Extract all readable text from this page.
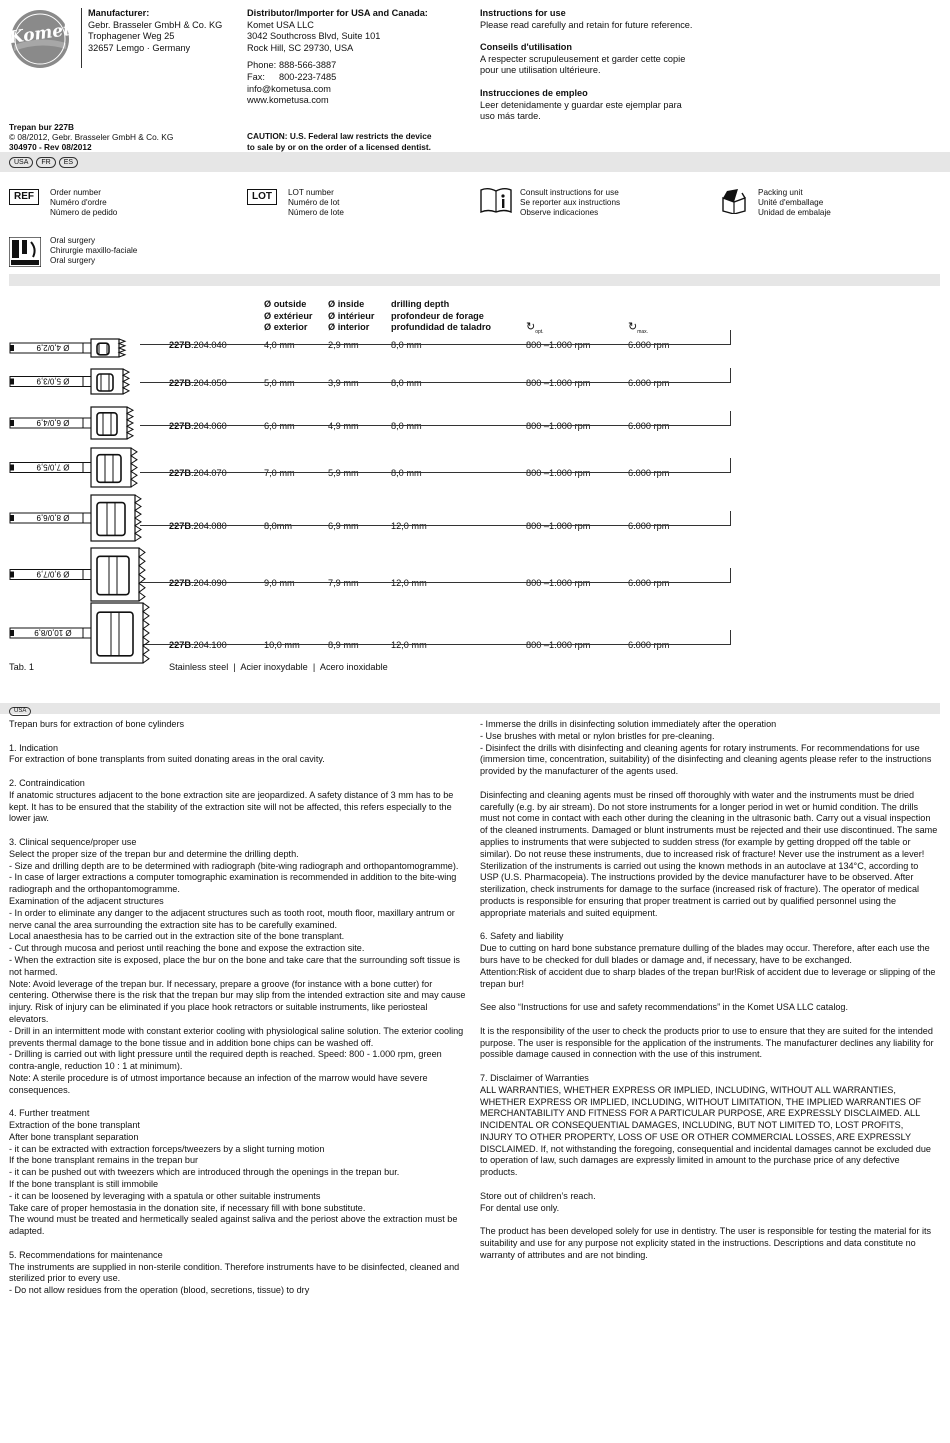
Komet
Manufacturer:
Gebr. Brasseler GmbH & Co. KG
Trophagener Weg 25
32657 Lemgo · Germany
Distributor/Importer for USA and Canada:
Komet USA LLC
3042 Southcross Blvd, Suite 101
Rock Hill, SC 29730, USA
Phone: 888-566-3887
Fax: 800-223-7485
info@kometusa.com
www.kometusa.com
CAUTION: U.S. Federal law restricts the device
to sale by or on the order of a licensed dentist.
Instructions for use
Please read carefully and retain for future reference.
Conseils d'utilisation
A respecter scrupuleusement et garder cette copie
pour une utilisation ultérieure.
Instrucciones de empleo
Leer detenidamente y guardar este ejemplar para
uso más tarde.
Trepan bur 227B
© 08/2012, Gebr. Brasseler GmbH & Co. KG
304970 - Rev 08/2012
USA FR ES
REF	Order number
Numéro d'ordre
Número de pedido
LOT	LOT number
Numéro de lot
Número de lote
Consult instructions for use
Se reporter aux instructions
Observe indicaciones
Packing unit
Unité d'emballage
Unidad de embalaje
Oral surgery
Chirurgie maxillo-faciale
Oral surgery
Ø outside
Ø extérieur
Ø exterior
Ø inside
Ø intérieur
Ø interior
drilling depth
profondeur de forage
profundidad de taladro	$↻_{opt.}$	$↻_{max.}$
227B.204.040	4,0 mm	2,9 mm	8,0 mm	800 –1.000 rpm	6.000 rpm
227B.204.050	5,0 mm	3,9 mm	8,0 mm	800 –1.000 rpm	6.000 rpm
227B.204.060	6,0 mm	4,9 mm	8,0 mm	800 –1.000 rpm	6.000 rpm
227B.204.070	7,0 mm	5,9 mm	8,0 mm	800 –1.000 rpm	6.000 rpm
227B.204.080	8,0mm	6,9 mm	12,0 mm	800 –1.000 rpm	6.000 rpm
227B.204.090	9,0 mm	7,9 mm	12,0 mm	800 –1.000 rpm	6.000 rpm
227B.204.100	10,0 mm	8,9 mm	12,0 mm	800 –1.000 rpm	6.000 rpm
Tab. 1	Stainless steel  |  Acier inoxydable  |  Acero inoxidable
USA

Trepan burs for extraction of bone cylinders

1. Indication
For extraction of bone transplants from suited donating areas in the oral cavity.

2. Contraindication
If anatomic structures adjacent to the bone extraction site are jeopardized. A safety distance of 3 mm has to be kept. It has to be ensured that the stability of the extraction site will not be affected, this refers especially to the lower jaw.

3. Clinical sequence/proper use
Select the proper size of the trepan bur and determine the drilling depth.
- Size and drilling depth are to be determined with radiograph (bite-wing radiograph and orthopantomogramme).
- In case of larger extractions a computer tomographic examination is recommended in addition to the bite-wing radiograph and the orthopantomogramme.
Examination of the adjacent structures
- In order to eliminate any danger to the adjacent structures such as tooth root, mouth floor, maxillary antrum or nerve canal the area surrounding the extraction site has to be carefully examined.
Local anaesthesia has to be carried out in the extraction site of the bone transplant.
- Cut through mucosa and periost until reaching the bone and expose the extraction site.
- When the extraction site is exposed, place the bur on the bone and take care that the surrounding soft tissue is not harmed.
Note: Avoid leverage of the trepan bur. If necessary, prepare a groove (for instance with a bone cutter) for centering. Otherwise there is the risk that the trepan bur may slip from the intended extraction site and may cause injury. Risk of injury can be eliminated if you place hook retractors or suitable instruments, like periosteal elevators.
- Drill in an intermittent mode with constant exterior cooling with physiological saline solution. The exterior cooling prevents thermal damage to the bone tissue and in addition bone chips can be washed off.
- Drilling is carried out with light pressure until the required depth is reached. Speed: 800 - 1.000 rpm, green contra-angle, reduction 10 : 1 at minimum).
Note: A sterile procedure is of utmost importance because an infection of the marrow would have severe consequences.

4. Further treatment
Extraction of the bone transplant
After bone transplant separation
- it can be extracted with extraction forceps/tweezers by a slight turning motion
If the bone transplant remains in the trepan bur
- it can be pushed out with tweezers which are introduced through the openings in the trepan bur.
If the bone transplant is still immobile
- it can be loosened by leveraging with a spatula or other suitable instruments
Take care of proper hemostasia in the donation site, if necessary fill with bone substitute.
The wound must be treated and hermetically sealed against saliva and the periost above the extraction must be adapted.

5. Recommendations for maintenance
The instruments are supplied in non-sterile condition. Therefore instruments have to be disinfected, cleaned and sterilized prior to every use.
- Do not allow residues from the operation (blood, secretions, tissue) to dry

- Immerse the drills in disinfecting solution immediately after the operation
- Use brushes with metal or nylon bristles for pre-cleaning.
- Disinfect the drills with disinfecting and cleaning agents for rotary instruments. For recommendations for use (immersion time, concentration, suitability) of the disinfecting and cleaning agents please refer to the instructions provided by the manufacturer of the agents used.

Disinfecting and cleaning agents must be rinsed off thoroughly with water and the instruments must be dried carefully (e.g. by air stream). Do not store instruments for a longer period in wet or humid condition. The drills must not come in contact with each other during the cleaning in the ultrasonic bath. Carry out a visual inspection of the cleaned instruments. Damaged or blunt instruments must be rejected and their use discontinued. The same applies to instruments that were subjected to sudden stress (for example by getting dropped off the table or similar). Do not reuse these instruments, due to increased risk of fracture! Never use the instrument as a lever! Sterilization of the instruments is carried out using the known methods in an autoclave at 134°C, according to USP (U.S. Pharmacopeia). The instructions provided by the device manufacturer have to be observed. After sterilization, check instruments for damage to the surface (increased risk of fracture). The operator of medical products is responsible for ensuring that proper treatment is carried out by qualified personnel using the appropriate materials and suited equipment.

6. Safety and liability
Due to cutting on hard bone substance premature dulling of the blades may occur. Therefore, after each use the burs have to be checked for dull blades or damage and, if necessary, have to be exchanged.
Attention:Risk of accident due to sharp blades of the trepan bur!Risk of accident due to leverage or slipping of the trepan bur!

See also “Instructions for use and safety recommendations” in the Komet USA LLC catalog.

It is the responsibility of the user to check the products prior to use to ensure that they are suited for the intended purpose. The user is responsible for the application of the instruments. The manufacturer declines any liability for possible damage caused in connection with the use of this instrument.

7. Disclaimer of Warranties
ALL WARRANTIES, WHETHER EXPRESS OR IMPLIED, INCLUDING, WITHOUT ALL WARRANTIES, WHETHER EXPRESS OR IMPLIED, INCLUDING, WITHOUT LIMITATION, THE IMPLIED WARRANTIES OF MERCHANTABILITY AND FITNESS FOR A PARTICULAR PURPOSE, ARE EXPRESSLY DISCLAIMED. ALL INCIDENTAL OR CONSEQUENTIAL DAMAGES, INCLUDING, BUT NOT LIMITED TO, LOST PROFITS, INJURY TO OTHER PROPERTY, LOSS OF USE OR OTHER COMMERCIAL LOSSES, ARE EXPRESSLY DISCLAIMED. If, not withstanding the foregoing, consequential and incidental damages cannot be excluded due to operation of law, such damages are expressly limited in amount to the purchase price of any defective products.

Store out of children’s reach.
For dental use only.

The product has been developed solely for use in dentistry. The user is responsible for testing the material for its suitability and use for any purpose not explicity stated in the instructions. Descriptions and data constitute no warranty of attributes and are not binding.

Ø 4,0/2,9
Ø 5,0/3,9
Ø 6,0/4,9
Ø 7,0/5,9
Ø 8,0/6,9
Ø 9,0/7,9
Ø 10,0/8,9
